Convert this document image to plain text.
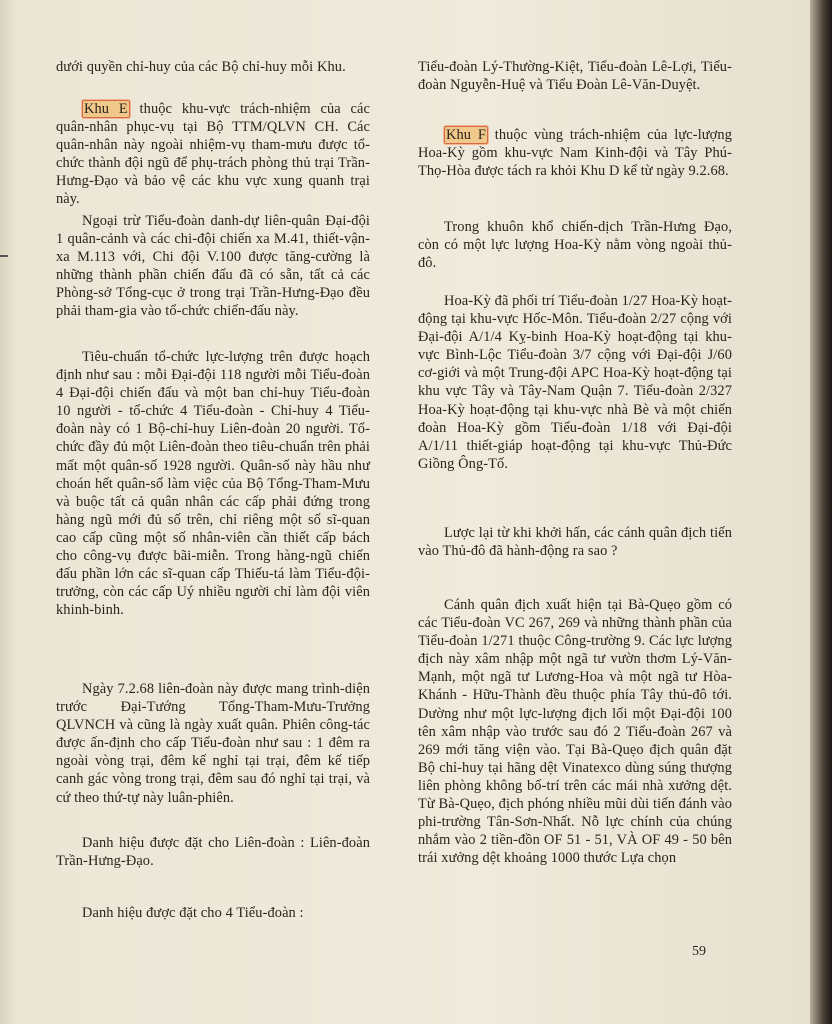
dưới quyền chỉ-huy của các Bộ chỉ-huy mỗi Khu.

Khu E thuộc khu-vực trách-nhiệm của các quân-nhân phục-vụ tại Bộ TTM/QLVN CH. Các quân-nhân này ngoài nhiệm-vụ tham-mưu được tổ-chức thành đội ngũ để phụ-trách phòng thủ trại Trần-Hưng-Đạo và bảo vệ các khu vực xung quanh trại này.

Ngoại trừ Tiểu-đoàn danh-dự liên-quân Đại-đội 1 quân-cảnh và các chi-đội chiến xa M.41, thiết-vận-xa M.113 với, Chi đội V.100 được tăng-cường là những thành phần chiến đấu đã có sẵn, tất cả các Phòng-sở Tổng-cục ở trong trại Trần-Hưng-Đạo đều phải tham-gia vào tổ-chức chiến-đấu này.

Tiêu-chuẩn tổ-chức lực-lượng trên được hoạch định như sau : mỗi Đại-đội 118 người mỗi Tiểu-đoàn 4 Đại-đội chiến đấu và một ban chỉ-huy Tiểu-đoàn 10 người - tổ-chức 4 Tiểu-đoàn - Chỉ-huy 4 Tiểu-đoàn này có 1 Bộ-chỉ-huy Liên-đoàn 20 người. Tổ-chức đầy đủ một Liên-đoàn theo tiêu-chuẩn trên phải mất một quân-số 1928 người. Quân-số này hầu như choán hết quân-số làm việc của Bộ Tổng-Tham-Mưu và buộc tất cả quân nhân các cấp phải đứng trong hàng ngũ mới đủ số trên, chỉ riêng một số sĩ-quan cao cấp cũng một số nhân-viên cần thiết cấp bách cho công-vụ được bãi-miễn. Trong hàng-ngũ chiến đấu phần lớn các sĩ-quan cấp Thiếu-tá làm Tiểu-đội-trưởng, còn các cấp Uý nhiều người chỉ làm đội viên khinh-binh.

Ngày 7.2.68 liên-đoàn này được mang trình-diện trước Đại-Tướng Tổng-Tham-Mưu-Trưởng QLVNCH và cũng là ngày xuất quân. Phiên công-tác được ấn-định cho cấp Tiểu-đoàn như sau : 1 đêm ra ngoài vòng trại, đêm kế nghỉ tại trại, đêm kế tiếp canh gác vòng trong trại, đêm sau đó nghỉ tại trại, và cứ theo thứ-tự này luân-phiên.

Danh hiệu được đặt cho Liên-đoàn : Liên-đoàn Trần-Hưng-Đạo.

Danh hiệu được đặt cho 4 Tiểu-đoàn :

Tiểu-đoàn Lý-Thường-Kiệt, Tiểu-đoàn Lê-Lợi, Tiểu-đoàn Nguyễn-Huệ và Tiểu Đoàn Lê-Văn-Duyệt.

Khu F thuộc vùng trách-nhiệm của lực-lượng Hoa-Kỳ gồm khu-vực Nam Kinh-đội và Tây Phú-Thọ-Hòa được tách ra khỏi Khu D kể từ ngày 9.2.68.

Trong khuôn khổ chiến-dịch Trần-Hưng Đạo, còn có một lực lượng Hoa-Kỳ nằm vòng ngoài thủ-đô.

Hoa-Kỳ đã phối trí Tiểu-đoàn 1/27 Hoa-Kỳ hoạt-động tại khu-vực Hốc-Môn. Tiểu-đoàn 2/27 cộng với Đại-đội A/1/4 Kỵ-binh Hoa-Kỳ hoạt-động tại khu-vực Bình-Lộc Tiểu-đoàn 3/7 cộng với Đại-đội J/60 cơ-giới và một Trung-đội APC Hoa-Kỳ hoạt-động tại khu vực Tây và Tây-Nam Quận 7. Tiểu-đoàn 2/327 Hoa-Kỳ hoạt-động tại khu-vực nhà Bè và một chiến đoàn Hoa-Kỳ gồm Tiểu-đoàn 1/18 với Đại-đội A/1/11 thiết-giáp hoạt-động tại khu-vực Thủ-Đức Giồng Ông-Tố.

Lược lại từ khi khởi hấn, các cánh quân địch tiến vào Thủ-đô đã hành-động ra sao ?

Cánh quân địch xuất hiện tại Bà-Quẹo gồm có các Tiểu-đoàn VC 267, 269 và những thành phần của Tiểu-đoàn 1/271 thuộc Công-trường 9. Các lực lượng địch này xâm nhập một ngã tư vườn thơm Lý-Văn-Mạnh, một ngã tư Lương-Hoa và một ngã tư Hòa-Khánh - Hữu-Thành đều thuộc phía Tây thủ-đô tới. Dường như một lực-lượng địch lối một Đại-đội 100 tên xâm nhập vào trước sau đó 2 Tiểu-đoàn 267 và 269 mới tăng viện vào. Tại Bà-Quẹo địch quân đặt Bộ chỉ-huy tại hãng dệt Vinatexco dùng súng thượng liên phòng không bố-trí trên các mái nhà xưởng dệt. Từ Bà-Quẹo, địch phóng nhiều mũi dùi tiến đánh vào phi-trường Tân-Sơn-Nhất. Nỗ lực chính của chúng nhắm vào 2 tiền-đồn OF 51 - 51, VÀ OF 49 - 50 bên trái xưởng dệt khoảng 1000 thước Lựa chọn

59
